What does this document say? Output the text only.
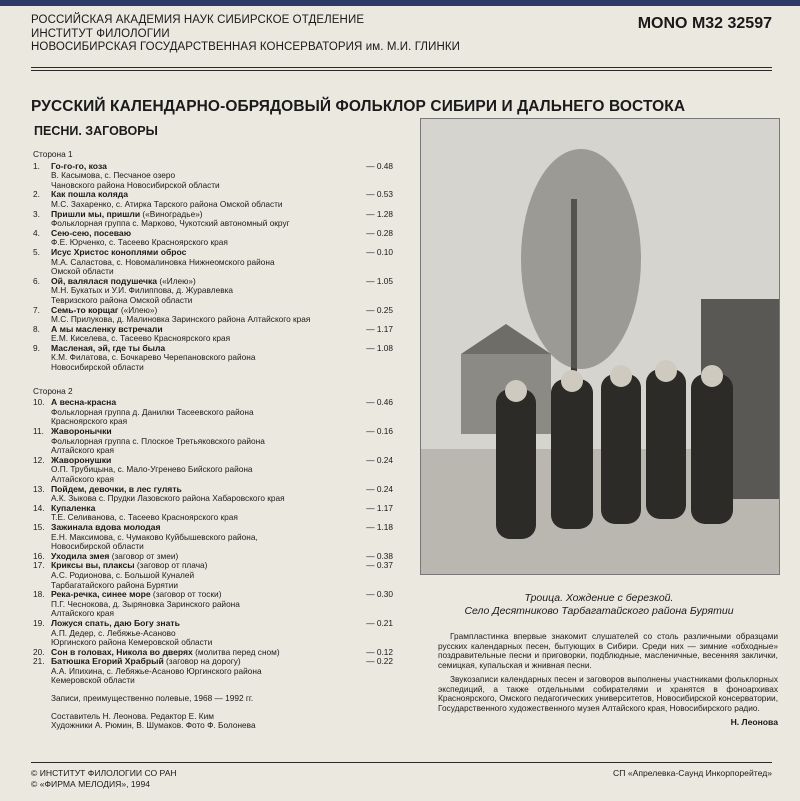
РОССИЙСКАЯ АКАДЕМИЯ НАУК СИБИРСКОЕ ОТДЕЛЕНИЕ
ИНСТИТУТ ФИЛОЛОГИИ
НОВОСИБИРСКАЯ ГОСУДАРСТВЕННАЯ КОНСЕРВАТОРИЯ им. М.И. ГЛИНКИ
MONO M32 32597
РУССКИЙ КАЛЕНДАРНО-ОБРЯДОВЫЙ ФОЛЬКЛОР СИБИРИ И ДАЛЬНЕГО ВОСТОКА
ПЕСНИ. ЗАГОВОРЫ
Сторона 1
1. Го-го-го, коза	— 0.48
В. Касымова, с. Песчаное озеро
Чановского района Новосибирской области
2. Как пошла коляда	— 0.53
М.С. Захаренко, с. Атирка Тарского района Омской области
3. Пришли мы, пришли («Виноградье»)	— 1.28
Фольклорная группа с. Марково, Чукотский автономный округ
4. Сею-сею, посеваю	— 0.28
Ф.Е. Юрченко, с. Тасеево Красноярского края
5. Исус Христос коноплями оброс	— 0.10
М.А. Саластова, с. Новомалиновка Нижнеомского района
Омской области
6. Ой, валялася подушечка («Илею»)	— 1.05
М.Н. Букатых и У.И. Филиппова, д. Журавлевка
Тевризского района Омской области
7. Семь-то корщаг («Илею»)	— 0.25
М.С. Прилукова, д. Малиновка Заринского района Алтайского края
8. А мы масленку встречали	— 1.17
Е.М. Киселева, с. Тасеево Красноярского края
9. Масленая, эй, где ты была	— 1.08
К.М. Филатова, с. Бочкарево Черепановского района
Новосибирской области
Сторона 2
10. А весна-красна	— 0.46
Фольклорная группа д. Данилки Тасеевского района
Красноярского края
11. Жаворонычки	— 0.16
Фольклорная группа с. Плоское Третьяковского района
Алтайского края
12. Жаворонушки	— 0.24
О.П. Трубицына, с. Мало-Угренево Бийского района
Алтайского края
13. Пойдем, девочки, в лес гулять	— 0.24
А.К. Зыкова с. Прудки Лазовского района Хабаровского края
14. Купаленка	— 1.17
Т.Е. Селиванова, с. Тасеево Красноярского края
15. Зажинала вдова молодая	— 1.18
Е.Н. Максимова, с. Чумаково Куйбышевского района,
Новосибирской области
16. Уходила змея (заговор от змеи)	— 0.38
17. Криксы вы, плаксы (заговор от плача)	— 0.37
А.С. Родионова, с. Большой Куналей
Тарбагатайского района Бурятии
18. Река-речка, синее море (заговор от тоски)	— 0.30
П.Г. Чеснокова, д. Зыряновка Заринского района
Алтайского края
19. Ложуся спать, даю Богу знать	— 0.21
А.П. Дедер, с. Лебяжье-Асаново
Юргинского района Кемеровской области
20. Сон в головах, Никола во дверях (молитва перед сном)	— 0.12
21. Батюшка Егорий Храбрый (заговор на дорогу)	— 0.22
А.А. Ипихина, с. Лебяжье-Асаново Юргинского района
Кемеровской области
Записи, преимущественно полевые, 1968 — 1992 гг.
Составитель Н. Леонова. Редактор Е. Ким
Художники А. Рюмин, В. Шумаков. Фото Ф. Болонева
Троица. Хождение с березкой.
Село Десятниково Тарбагатайского района Бурятии

Грампластинка впервые знакомит слушателей со столь различными образцами русских календарных песен, бытующих в Сибири. Среди них — зимние «обходные» поздравительные песни и приговорки, подблюдные, масленичные, весенняя заклички, семицкая, купальская и жнивная песни.

Звукозаписи календарных песен и заговоров выполнены участниками фольклорных экспедиций, а также отдельными собирателями и хранятся в фоноархивах Красноярского, Омского педагогических университетов, Новосибирской консерватории, Государственного художественного музея Алтайского края, Новосибирского радио.

Н. Леонова
© ИНСТИТУТ ФИЛОЛОГИИ СО РАН
© «ФИРМА МЕЛОДИЯ», 1994
СП «Апрелевка-Саунд Инкорпорейтед»
